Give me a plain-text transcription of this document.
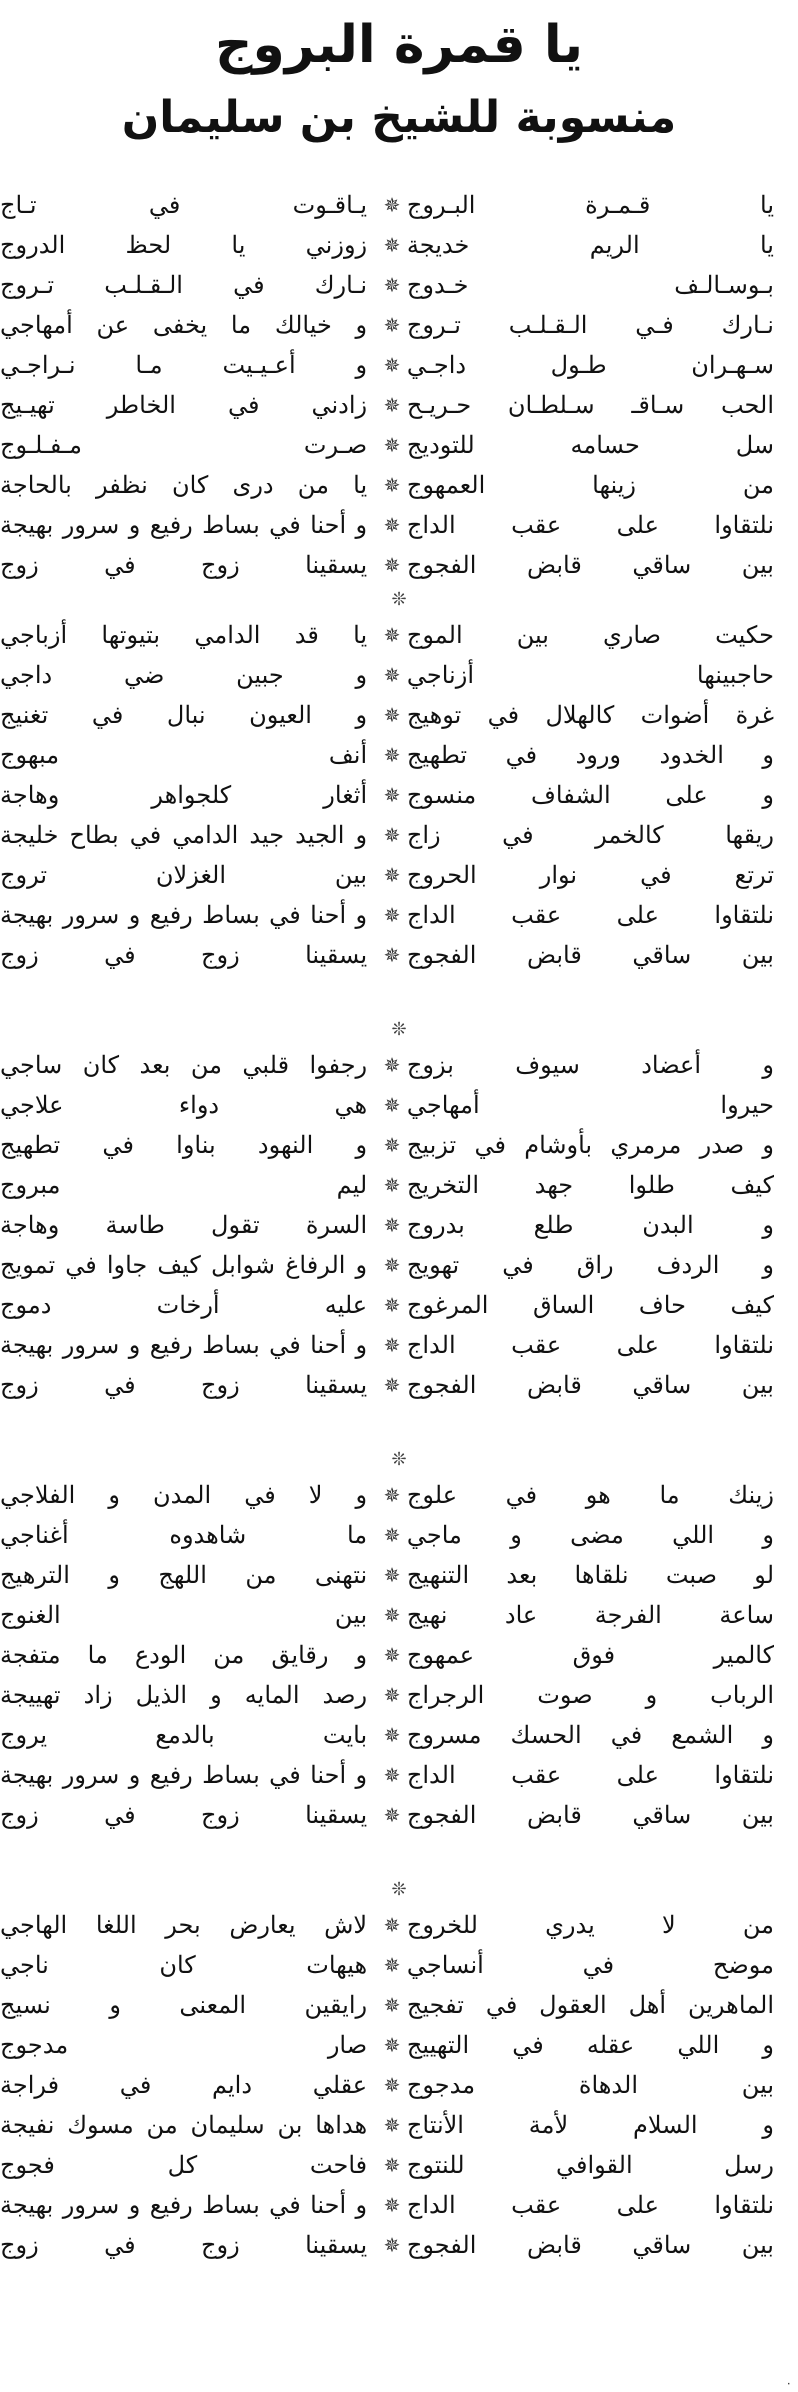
يا قمرة البروج
منسوبة للشيخ بن سليمان
يا قـمـرة البـروج
✵
يـاقـوت في تـاج
يا الريم خديجة
✵
زوزني يا لحظ الدروج
بـوسـالـف خـدوج
✵
نـارك في الـقـلـب تـروج
نـارك فـي الـقـلـب تـروج
✵
و خيالك ما يخفى عن أمهاجي
سـهـران طـول داجـي
✵
و أعـيـيت مـا نـراجـي
الحب سـاقـ سـلطـان حـريـح
✵
زادني في الخاطر تهيـيج
سل حسامه للتوديج
✵
صـرت مـفـلـوج
من زينها العمهوج
✵
يا من درى كان نظفر بالحاجة
نلتقاوا على عقب الداج
✵
و أحنا في بساط رفيع و سرور بهيجة
بين ساقي قابض الفجوج
✵
يسقينا زوج في زوج
حكيت صاري بين الموج
✵
يا قد الدامي بتيوتها أزباجي
حاجبينها أزناجي
✵
و جبين ضي داجي
غرة أضوات كالهلال في توهيج
✵
و العيون نبال في تغنيج
و الخدود ورود في تطهيج
✵
أنف مبهوج
و على الشفاف منسوج
✵
أثغار كلجواهر وهاجة
ريقها كالخمر في زاج
✵
و الجيد جيد الدامي في بطاح خليجة
ترتع في نوار الحروج
✵
بين الغزلان تروج
نلتقاوا على عقب الداج
✵
و أحنا في بساط رفيع و سرور بهيجة
بين ساقي قابض الفجوج
✵
يسقينا زوج في زوج
و أعضاد سيوف بزوج
✵
رجفوا قلبي من بعد كان ساجي
حيروا أمهاجي
✵
هي دواء علاجي
و صدر مرمري بأوشام في تزبيج
✵
و النهود بناوا في تطهيج
كيف طلوا جهد التخريج
✵
ليم مبروج
و البدن طلع بدروج
✵
السرة تقول طاسة وهاجة
و الردف راق في تهويج
✵
و الرفاغ شوابل كيف جاوا في تمويج
كيف حاف الساق المرغوج
✵
عليه أرخات دموج
نلتقاوا على عقب الداج
✵
و أحنا في بساط رفيع و سرور بهيجة
بين ساقي قابض الفجوج
✵
يسقينا زوج في زوج
زينك ما هو في علوج
✵
و لا في المدن و الفلاجي
و اللي مضى و ماجي
✵
ما شاهدوه أغناجي
لو صبت نلقاها بعد التنهيج
✵
نتهنى من اللهج و الترهيج
ساعة الفرجة عاد نهيج
✵
بين الغنوج
كالمير فوق عمهوج
✵
و رقايق من الودع ما متفجة
الرباب و صوت الرجراج
✵
رصد المايه و الذيل زاد تهييجة
و الشمع في الحسك مسروج
✵
بايت بالدمع يروج
نلتقاوا على عقب الداج
✵
و أحنا في بساط رفيع و سرور بهيجة
بين ساقي قابض الفجوج
✵
يسقينا زوج في زوج
من لا يدري للخروج
✵
لاش يعارض بحر اللغا الهاجي
موضح في أنساجي
✵
هيهات كان ناجي
الماهرين أهل العقول في تفجيج
✵
رايقين المعنى و نسيج
و اللي عقله في التهييج
✵
صار مدجوج
بين الدهاة مدجوج
✵
عقلي دايم في فراجة
و السلام لأمة الأنتاج
✵
هداها بن سليمان من مسوك نفيجة
رسل القوافي للنتوج
✵
فاحت كل فجوج
نلتقاوا على عقب الداج
✵
و أحنا في بساط رفيع و سرور بهيجة
بين ساقي قابض الفجوج
✵
يسقينا زوج في زوج
٠
❊
❊
❊
❊
